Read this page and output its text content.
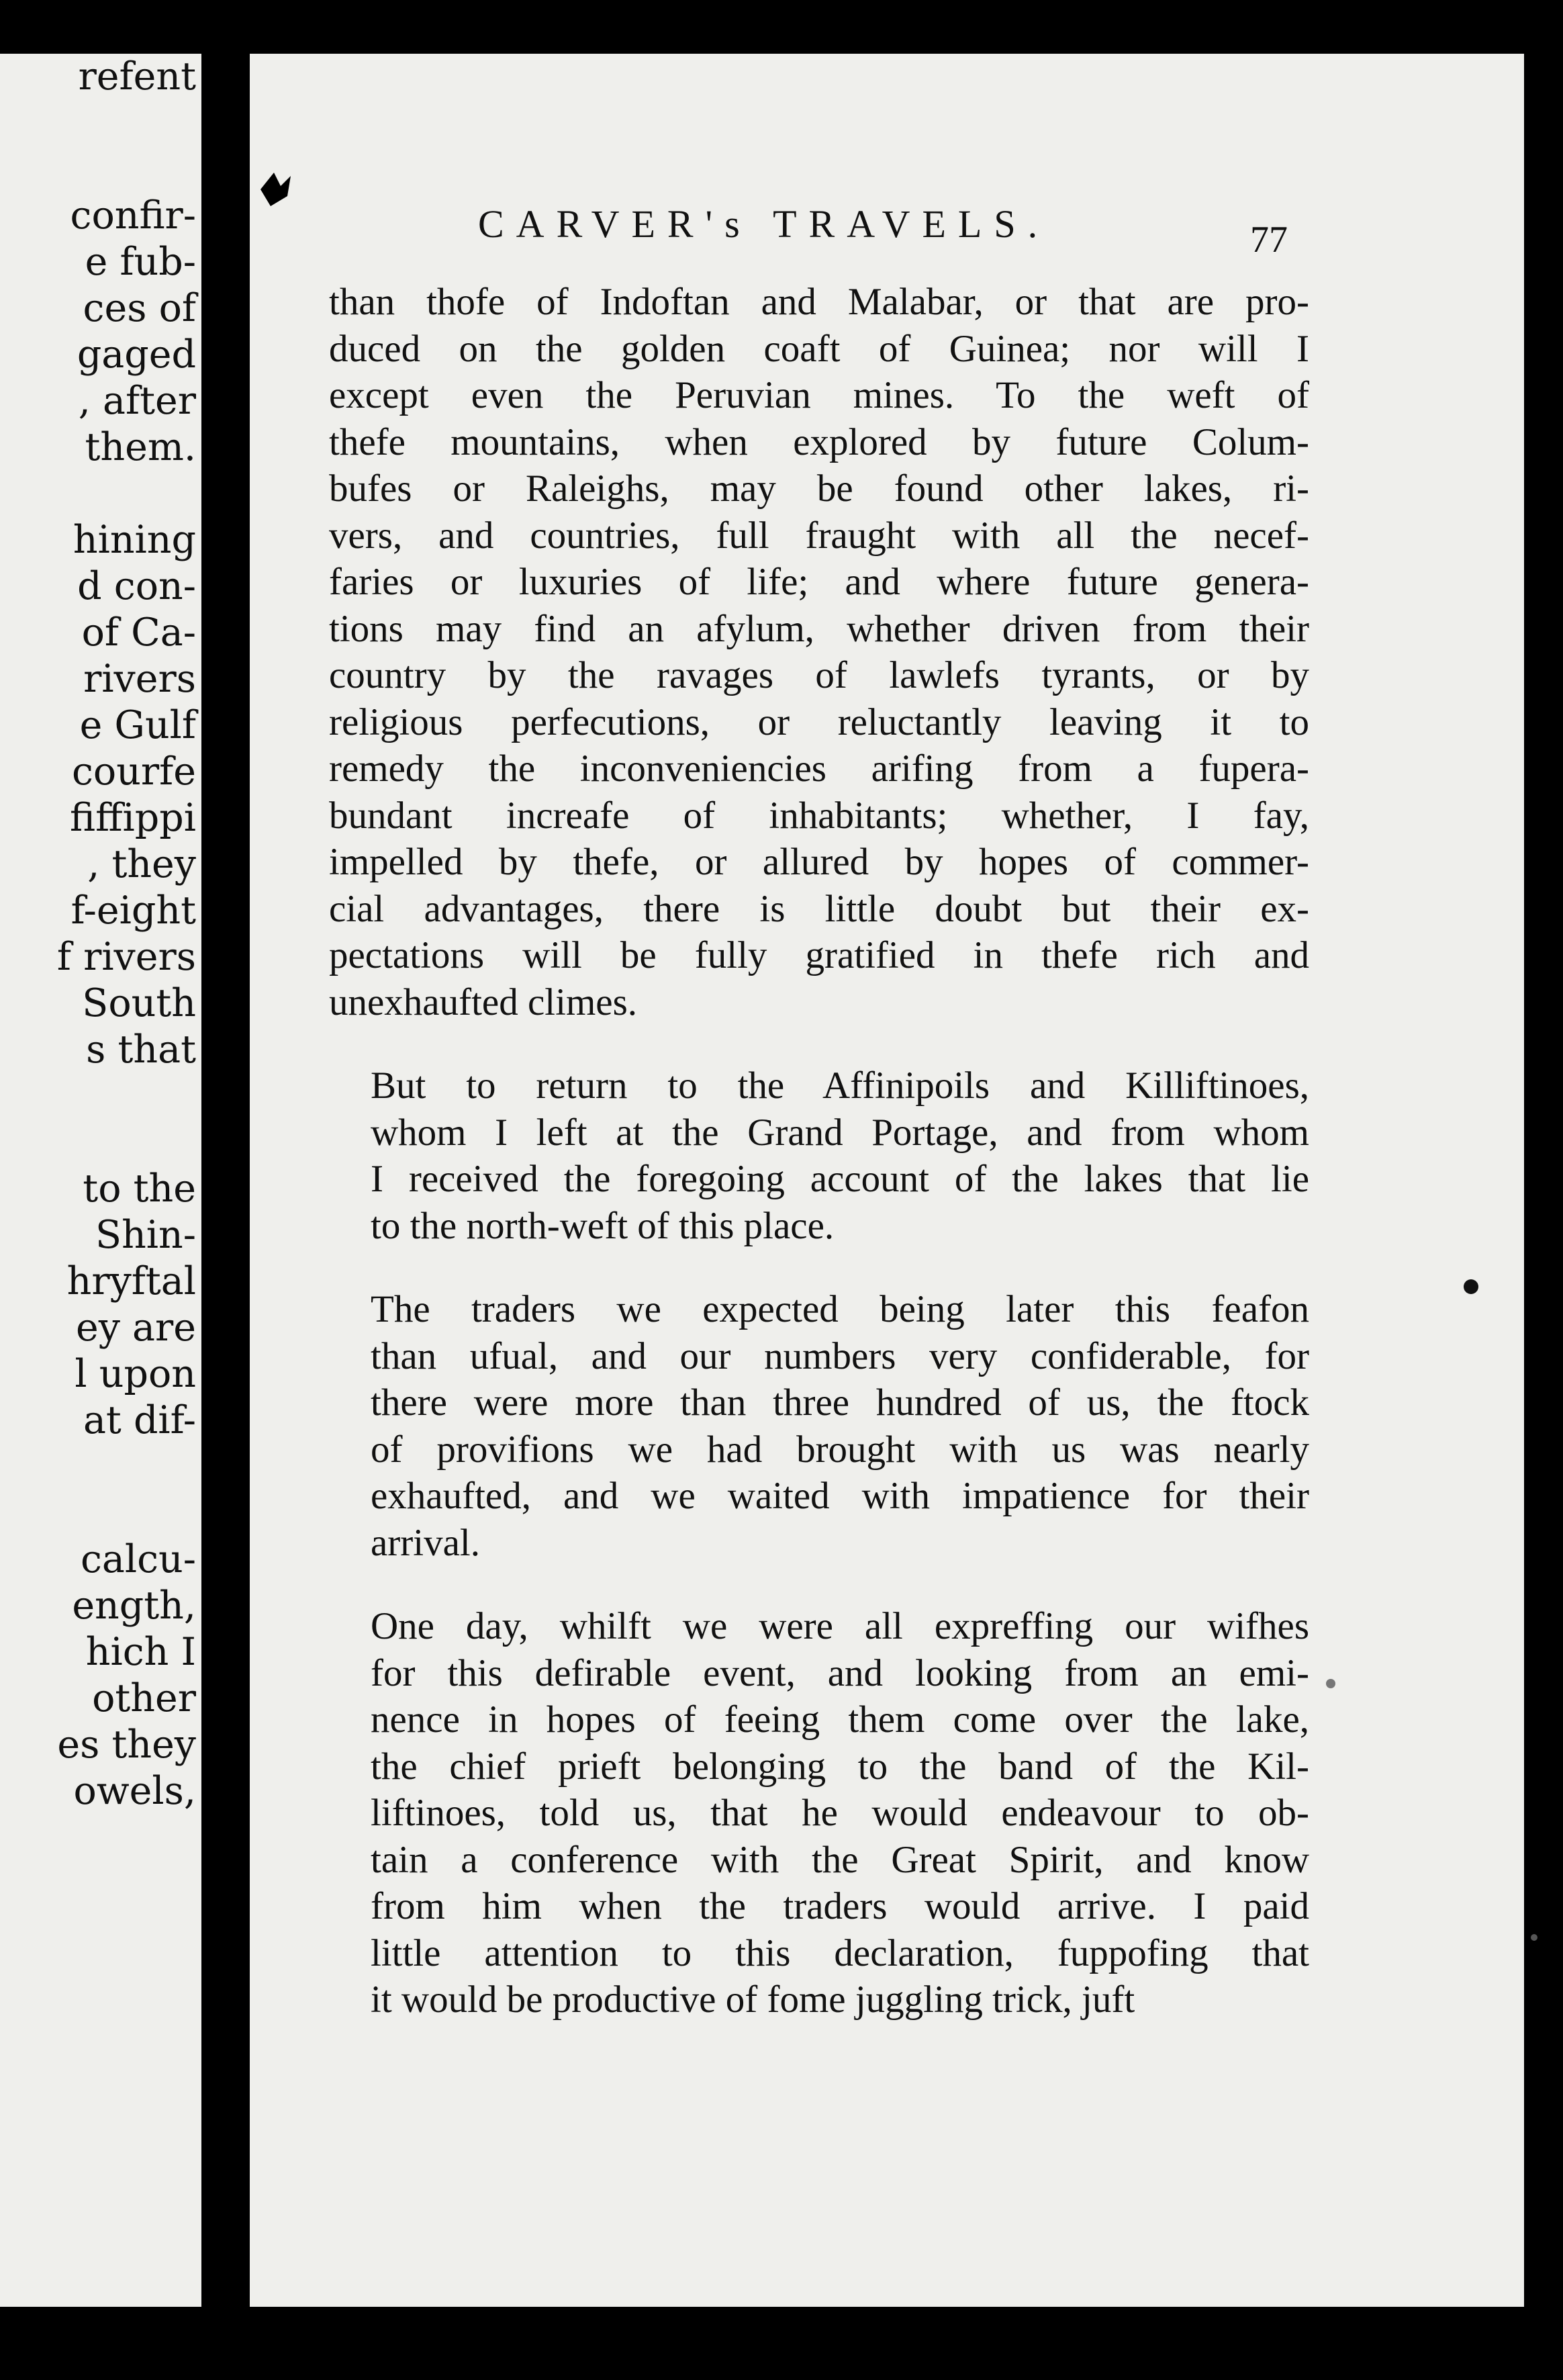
refent
confir-
e fub-
ces of
gaged
, after
them.
hining
d con-
of Ca-
rivers
e Gulf
courfe
fiffippi
, they
f-eight
f rivers
South
s that
to the
Shin-
hryftal
ey are
l upon
at dif-
calcu-
ength,
hich I
other
es they
owels,
CARVER's TRAVELS.	77
than thofe of Indoftan and Malabar, or that are pro-
duced on the golden coaft of Guinea; nor will I
except even the Peruvian mines. To the weft of
thefe mountains, when explored by future Colum-
bufes or Raleighs, may be found other lakes, ri-
vers, and countries, full fraught with all the necef-
faries or luxuries of life; and where future genera-
tions may find an afylum, whether driven from their
country by the ravages of lawlefs tyrants, or by
religious perfecutions, or reluctantly leaving it to
remedy the inconveniencies arifing from a fupera-
bundant increafe of inhabitants; whether, I fay,
impelled by thefe, or allured by hopes of commer-
cial advantages, there is little doubt but their ex-
pectations will be fully gratified in thefe rich and
unexhaufted climes.
But to return to the Affinipoils and Killiftinoes,
whom I left at the Grand Portage, and from whom
I received the foregoing account of the lakes that lie
to the north-weft of this place.
The traders we expected being later this feafon
than ufual, and our numbers very confiderable, for
there were more than three hundred of us, the ftock
of provifions we had brought with us was nearly
exhaufted, and we waited with impatience for their
arrival.
One day, whilft we were all expreffing our wifhes
for this defirable event, and looking from an emi-
nence in hopes of feeing them come over the lake,
the chief prieft belonging to the band of the Kil-
liftinoes, told us, that he would endeavour to ob-
tain a conference with the Great Spirit, and know
from him when the traders would arrive. I paid
little attention to this declaration, fuppofing that
it would be productive of fome juggling trick, juft
